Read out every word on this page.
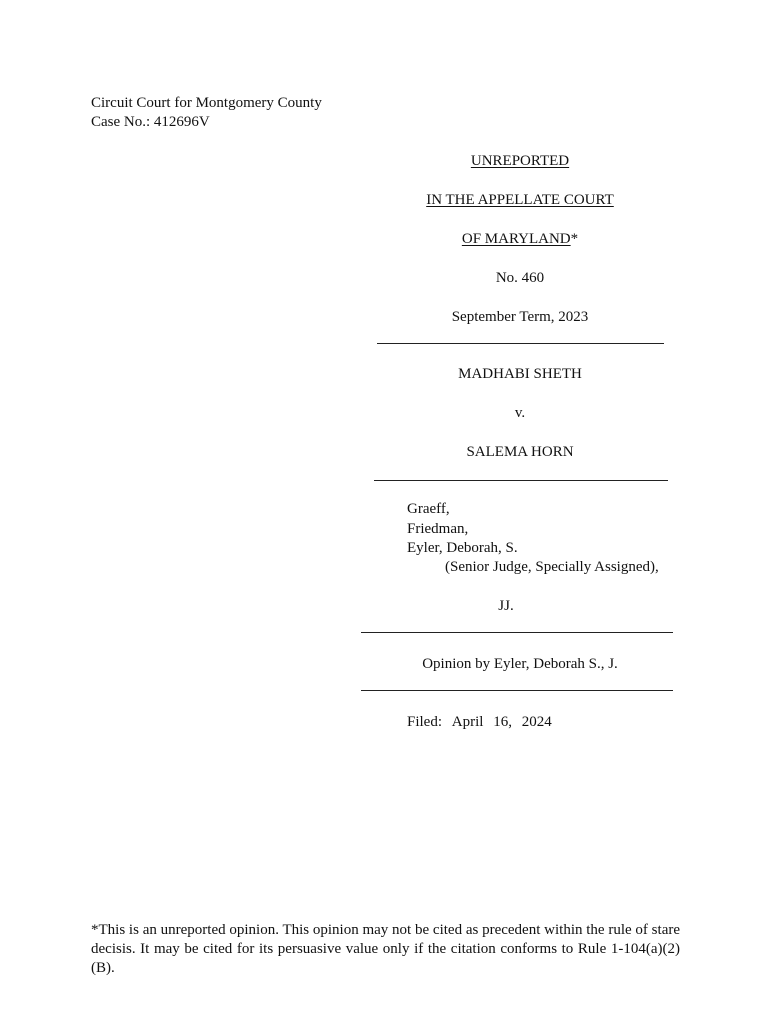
Circuit Court for Montgomery County
Case No.: 412696V
UNREPORTED
IN THE APPELLATE COURT
OF MARYLAND*
No. 460
September Term, 2023
MADHABI SHETH
v.
SALEMA HORN
Graeff,
Friedman,
Eyler, Deborah, S.
(Senior Judge, Specially Assigned),
JJ.
Opinion by Eyler, Deborah S., J.
Filed: April 16, 2024
*This is an unreported opinion. This opinion may not be cited as precedent within the rule of stare decisis. It may be cited for its persuasive value only if the citation conforms to Rule 1-104(a)(2)(B).
